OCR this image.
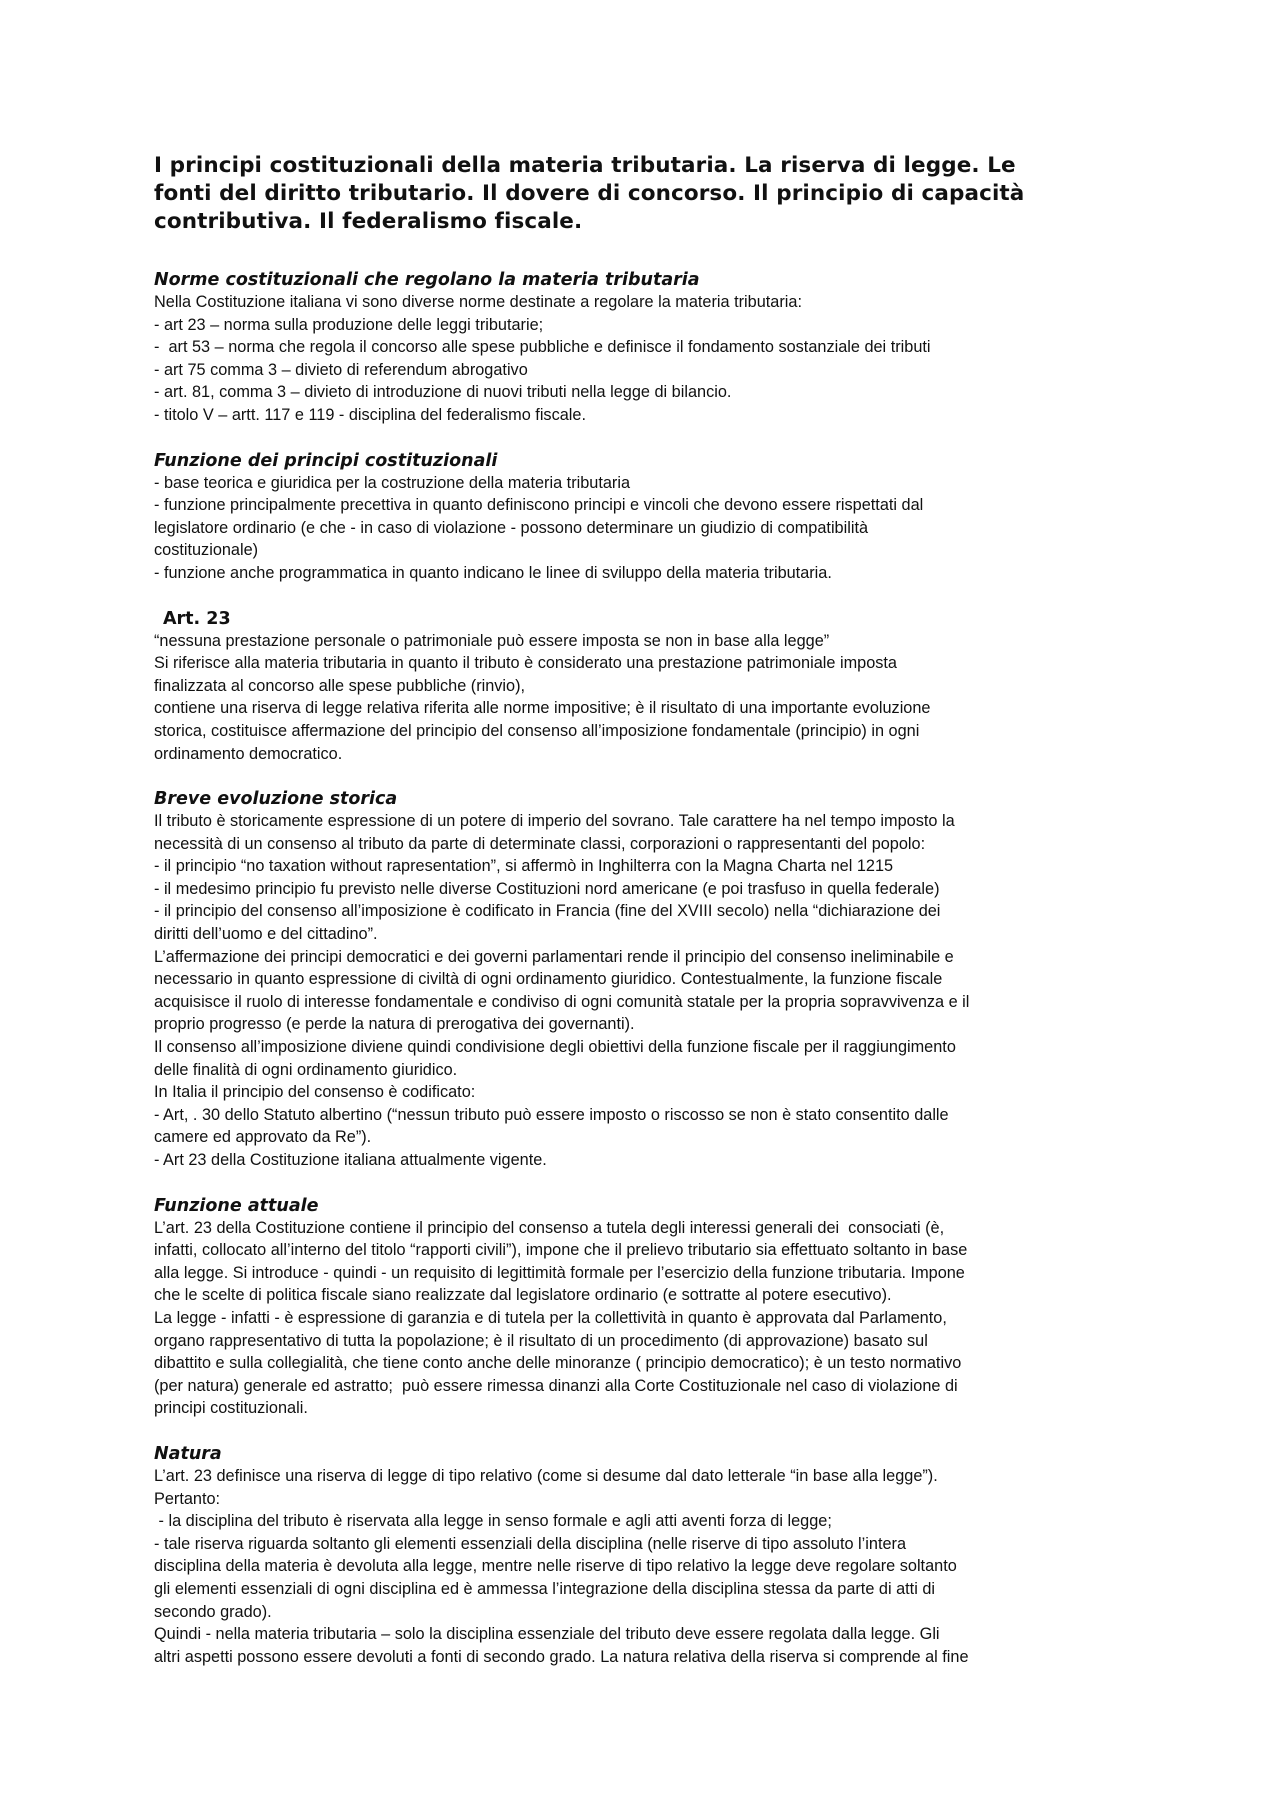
I principi costituzionali della materia tributaria. La riserva di legge. Le
fonti del diritto tributario. Il dovere di concorso. Il principio di capacità
contributiva. Il federalismo fiscale.
Norme costituzionali che regolano la materia tributaria

Nella Costituzione italiana vi sono diverse norme destinate a regolare la materia tributaria:

- art 23 – norma sulla produzione delle leggi tributarie;

-  art 53 – norma che regola il concorso alle spese pubbliche e definisce il fondamento sostanziale dei tributi

- art 75 comma 3 – divieto di referendum abrogativo

- art. 81, comma 3 – divieto di introduzione di nuovi tributi nella legge di bilancio.

- titolo V – artt. 117 e 119 - disciplina del federalismo fiscale.

Funzione dei principi costituzionali

- base teorica e giuridica per la costruzione della materia tributaria

- funzione principalmente precettiva in quanto definiscono principi e vincoli che devono essere rispettati dal

legislatore ordinario (e che - in caso di violazione - possono determinare un giudizio di compatibilità

costituzionale)

- funzione anche programmatica in quanto indicano le linee di sviluppo della materia tributaria.

Art. 23

“nessuna prestazione personale o patrimoniale può essere imposta se non in base alla legge”

Si riferisce alla materia tributaria in quanto il tributo è considerato una prestazione patrimoniale imposta

finalizzata al concorso alle spese pubbliche (rinvio),

contiene una riserva di legge relativa riferita alle norme impositive; è il risultato di una importante evoluzione

storica, costituisce affermazione del principio del consenso all’imposizione fondamentale (principio) in ogni

ordinamento democratico.

Breve evoluzione storica

Il tributo è storicamente espressione di un potere di imperio del sovrano. Tale carattere ha nel tempo imposto la

necessità di un consenso al tributo da parte di determinate classi, corporazioni o rappresentanti del popolo:

- il principio “no taxation without rapresentation”, si affermò in Inghilterra con la Magna Charta nel 1215

- il medesimo principio fu previsto nelle diverse Costituzioni nord americane (e poi trasfuso in quella federale)

- il principio del consenso all’imposizione è codificato in Francia (fine del XVIII secolo) nella “dichiarazione dei

diritti dell’uomo e del cittadino”.

L’affermazione dei principi democratici e dei governi parlamentari rende il principio del consenso ineliminabile e

necessario in quanto espressione di civiltà di ogni ordinamento giuridico. Contestualmente, la funzione fiscale

acquisisce il ruolo di interesse fondamentale e condiviso di ogni comunità statale per la propria sopravvivenza e il

proprio progresso (e perde la natura di prerogativa dei governanti).

Il consenso all’imposizione diviene quindi condivisione degli obiettivi della funzione fiscale per il raggiungimento

delle finalità di ogni ordinamento giuridico.

In Italia il principio del consenso è codificato:

- Art, . 30 dello Statuto albertino (“nessun tributo può essere imposto o riscosso se non è stato consentito dalle

camere ed approvato da Re”).

- Art 23 della Costituzione italiana attualmente vigente.

Funzione attuale

L’art. 23 della Costituzione contiene il principio del consenso a tutela degli interessi generali dei  consociati (è,

infatti, collocato all’interno del titolo “rapporti civili”), impone che il prelievo tributario sia effettuato soltanto in base

alla legge. Si introduce - quindi - un requisito di legittimità formale per l’esercizio della funzione tributaria. Impone

che le scelte di politica fiscale siano realizzate dal legislatore ordinario (e sottratte al potere esecutivo).

La legge - infatti - è espressione di garanzia e di tutela per la collettività in quanto è approvata dal Parlamento,

organo rappresentativo di tutta la popolazione; è il risultato di un procedimento (di approvazione) basato sul

dibattito e sulla collegialità, che tiene conto anche delle minoranze ( principio democratico); è un testo normativo

(per natura) generale ed astratto;  può essere rimessa dinanzi alla Corte Costituzionale nel caso di violazione di

principi costituzionali.

Natura

L’art. 23 definisce una riserva di legge di tipo relativo (come si desume dal dato letterale “in base alla legge”).

Pertanto:

- la disciplina del tributo è riservata alla legge in senso formale e agli atti aventi forza di legge;

- tale riserva riguarda soltanto gli elementi essenziali della disciplina (nelle riserve di tipo assoluto l’intera

disciplina della materia è devoluta alla legge, mentre nelle riserve di tipo relativo la legge deve regolare soltanto

gli elementi essenziali di ogni disciplina ed è ammessa l’integrazione della disciplina stessa da parte di atti di

secondo grado).

Quindi - nella materia tributaria – solo la disciplina essenziale del tributo deve essere regolata dalla legge. Gli

altri aspetti possono essere devoluti a fonti di secondo grado. La natura relativa della riserva si comprende al fine
